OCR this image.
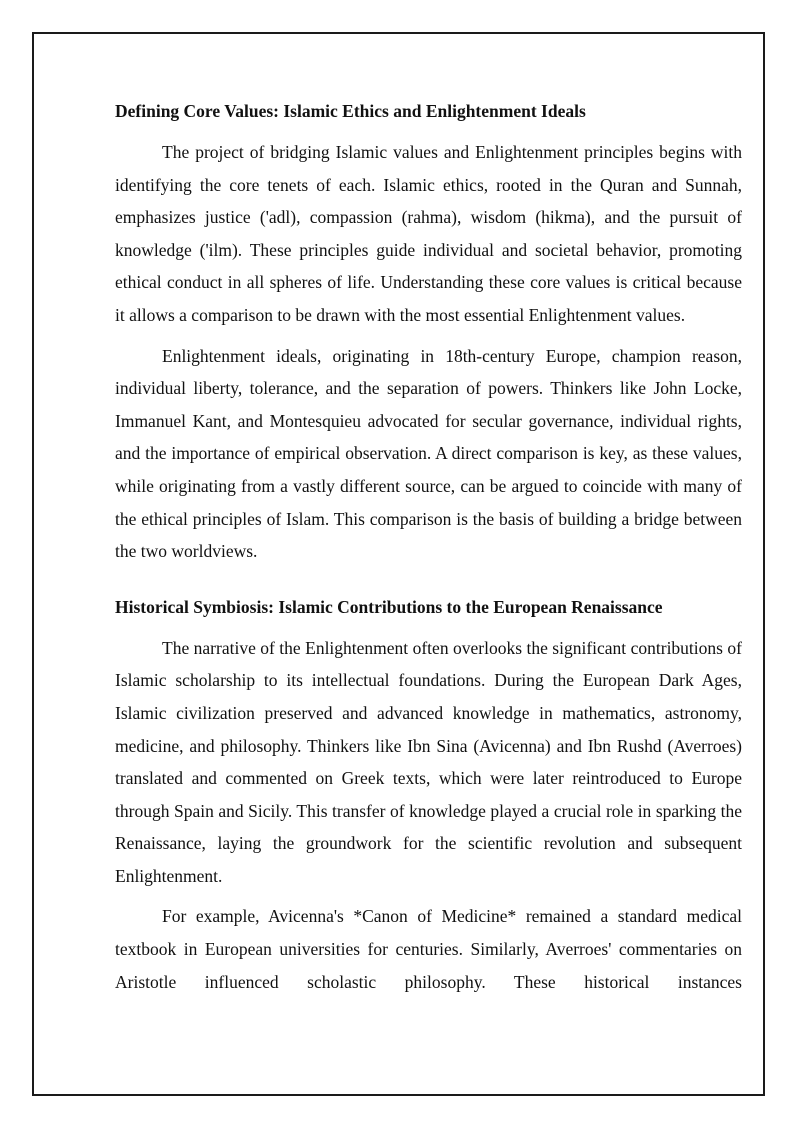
Defining Core Values: Islamic Ethics and Enlightenment Ideals

The project of bridging Islamic values and Enlightenment principles begins with identifying the core tenets of each. Islamic ethics, rooted in the Quran and Sunnah, emphasizes justice ('adl), compassion (rahma), wisdom (hikma), and the pursuit of knowledge ('ilm). These principles guide individual and societal behavior, promoting ethical conduct in all spheres of life. Understanding these core values is critical because it allows a comparison to be drawn with the most essential Enlightenment values.

Enlightenment ideals, originating in 18th-century Europe, champion reason, individual liberty, tolerance, and the separation of powers. Thinkers like John Locke, Immanuel Kant, and Montesquieu advocated for secular governance, individual rights, and the importance of empirical observation. A direct comparison is key, as these values, while originating from a vastly different source, can be argued to coincide with many of the ethical principles of Islam. This comparison is the basis of building a bridge between the two worldviews.

Historical Symbiosis: Islamic Contributions to the European Renaissance

The narrative of the Enlightenment often overlooks the significant contributions of Islamic scholarship to its intellectual foundations. During the European Dark Ages, Islamic civilization preserved and advanced knowledge in mathematics, astronomy, medicine, and philosophy. Thinkers like Ibn Sina (Avicenna) and Ibn Rushd (Averroes) translated and commented on Greek texts, which were later reintroduced to Europe through Spain and Sicily. This transfer of knowledge played a crucial role in sparking the Renaissance, laying the groundwork for the scientific revolution and subsequent Enlightenment.

For example, Avicenna's *Canon of Medicine* remained a standard medical textbook in European universities for centuries. Similarly, Averroes' commentaries on Aristotle influenced scholastic philosophy. These historical instances
